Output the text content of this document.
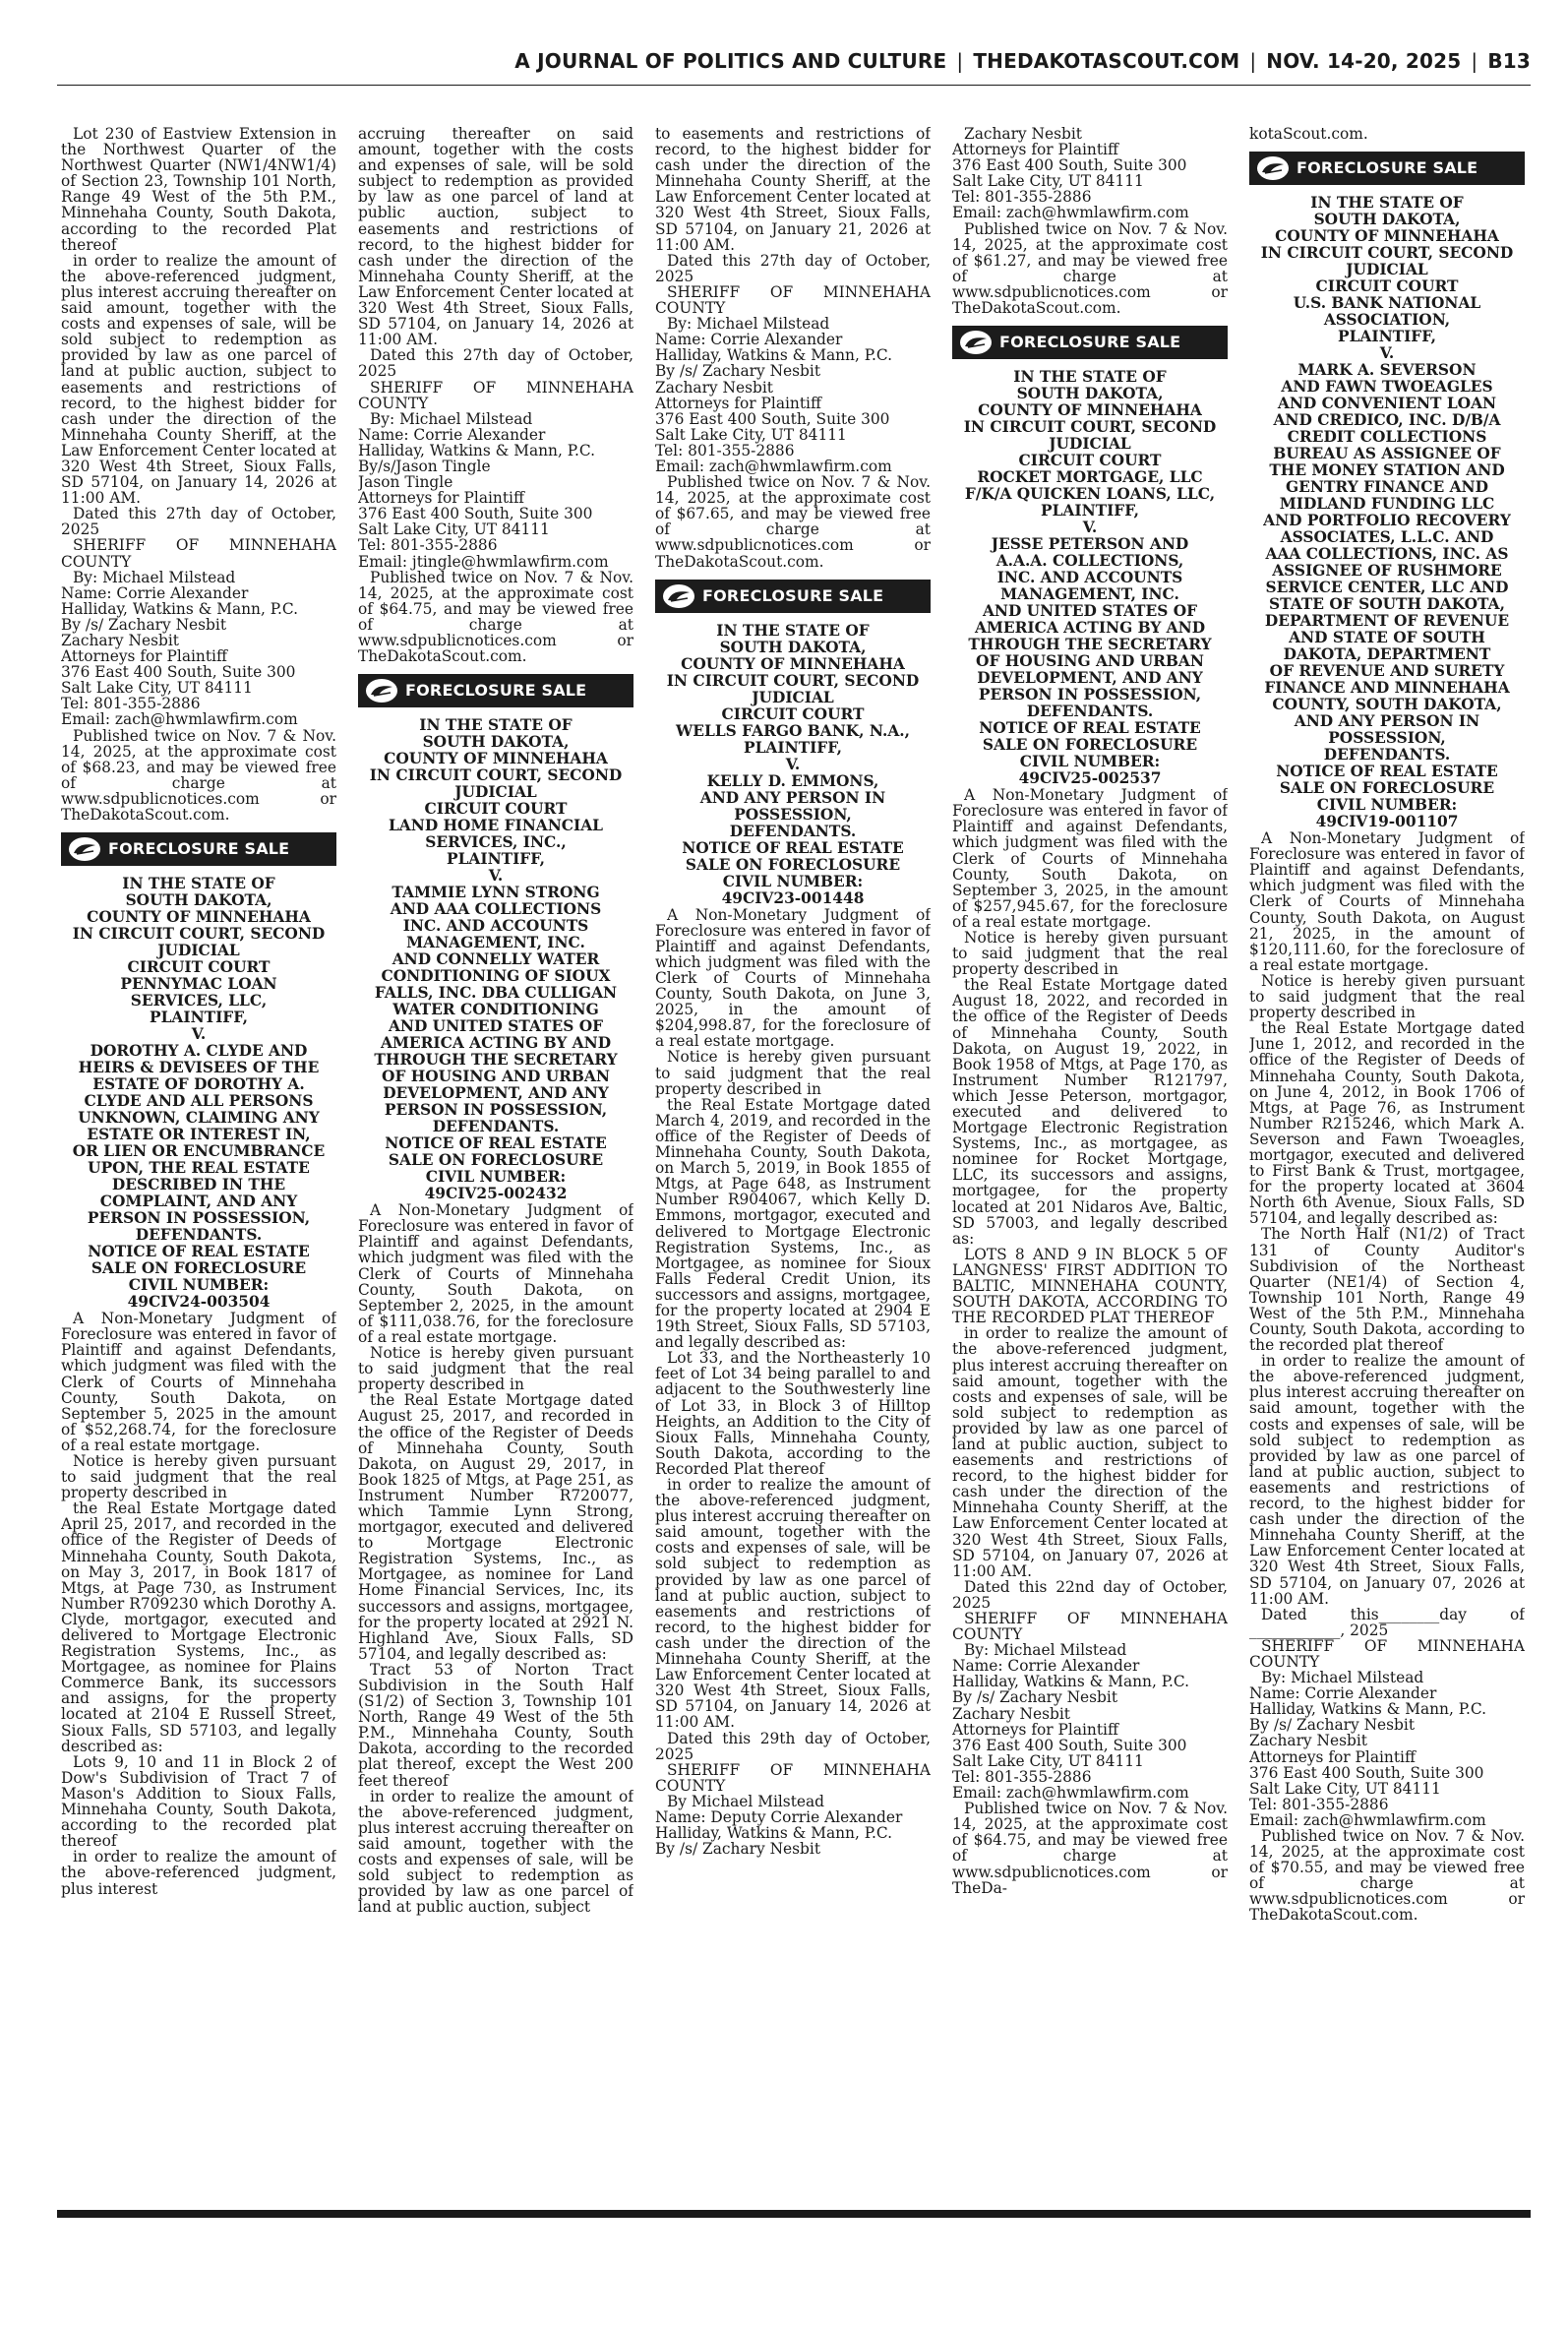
A JOURNAL OF POLITICS AND CULTURE | THEDAKOTASCOUT.COM | NOV. 14-20, 2025 | B13

Lot 230 of Eastview Extension in the Northwest Quarter of the Northwest Quarter (NW1/4NW1/4) of Section 23, Township 101 North, Range 49 West of the 5th P.M., Minnehaha County, South Dakota, according to the recorded Plat thereof

in order to realize the amount of the above-referenced judgment, plus interest accruing thereafter on said amount, together with the costs and expenses of sale, will be sold subject to redemption as provided by law as one parcel of land at public auction, subject to easements and restrictions of record, to the highest bidder for cash under the direction of the Minnehaha County Sheriff, at the Law Enforcement Center located at 320 West 4th Street, Sioux Falls, SD 57104, on January 14, 2026 at 11:00 AM.

Dated this 27th day of October, 2025

SHERIFF OF MINNEHAHA COUNTY

By: Michael Milstead
Name: Corrie Alexander
Halliday, Watkins & Mann, P.C.
By /s/ Zachary Nesbit
Zachary Nesbit
Attorneys for Plaintiff
376 East 400 South, Suite 300
Salt Lake City, UT 84111
Tel: 801-355-2886
Email: zach@hwmlawfirm.com

Published twice on Nov. 7 & Nov. 14, 2025, at the approximate cost of $68.23, and may be viewed free of charge at www.sdpublicnotices.com or TheDakotaScout.com.

FORECLOSURE SALE
IN THE STATE OF
SOUTH DAKOTA,
COUNTY OF MINNEHAHA
IN CIRCUIT COURT, SECOND
JUDICIAL
CIRCUIT COURT
PENNYMAC LOAN
SERVICES, LLC,
PLAINTIFF,
V.
DOROTHY A. CLYDE AND
HEIRS & DEVISEES OF THE
ESTATE OF DOROTHY A.
CLYDE AND ALL PERSONS
UNKNOWN, CLAIMING ANY
ESTATE OR INTEREST IN,
OR LIEN OR ENCUMBRANCE
UPON, THE REAL ESTATE
DESCRIBED IN THE
COMPLAINT, AND ANY
PERSON IN POSSESSION,
DEFENDANTS.
NOTICE OF REAL ESTATE
SALE ON FORECLOSURE
CIVIL NUMBER:
49CIV24-003504

A Non-Monetary Judgment of Foreclosure was entered in favor of Plaintiff and against Defendants, which judgment was filed with the Clerk of Courts of Minnehaha County, South Dakota, on September 5, 2025 in the amount of $52,268.74, for the foreclosure of a real estate mortgage.

Notice is hereby given pursuant to said judgment that the real property described in

the Real Estate Mortgage dated April 25, 2017, and recorded in the office of the Register of Deeds of Minnehaha County, South Dakota, on May 3, 2017, in Book 1817 of Mtgs, at Page 730, as Instrument Number R709230 which Dorothy A. Clyde, mortgagor, executed and delivered to Mortgage Electronic Registration Systems, Inc., as Mortgagee, as nominee for Plains Commerce Bank, its successors and assigns, for the property located at 2104 E Russell Street, Sioux Falls, SD 57103, and legally described as:

Lots 9, 10 and 11 in Block 2 of Dow's Subdivision of Tract 7 of Mason's Addition to Sioux Falls, Minnehaha County, South Dakota, according to the recorded plat thereof

in order to realize the amount of the above-referenced judgment, plus interest

accruing thereafter on said amount, together with the costs and expenses of sale, will be sold subject to redemption as provided by law as one parcel of land at public auction, subject to easements and restrictions of record, to the highest bidder for cash under the direction of the Minnehaha County Sheriff, at the Law Enforcement Center located at 320 West 4th Street, Sioux Falls, SD 57104, on January 14, 2026 at 11:00 AM.

Dated this 27th day of October, 2025

SHERIFF OF MINNEHAHA COUNTY

By: Michael Milstead
Name: Corrie Alexander
Halliday, Watkins & Mann, P.C.
By/s/Jason Tingle
Jason Tingle
Attorneys for Plaintiff
376 East 400 South, Suite 300
Salt Lake City, UT 84111
Tel: 801-355-2886
Email: jtingle@hwmlawfirm.com

Published twice on Nov. 7 & Nov. 14, 2025, at the approximate cost of $64.75, and may be viewed free of charge at www.sdpublicnotices.com or TheDakotaScout.com.

FORECLOSURE SALE
IN THE STATE OF
SOUTH DAKOTA,
COUNTY OF MINNEHAHA
IN CIRCUIT COURT, SECOND
JUDICIAL
CIRCUIT COURT
LAND HOME FINANCIAL
SERVICES, INC.,
PLAINTIFF,
V.
TAMMIE LYNN STRONG
AND AAA COLLECTIONS
INC. AND ACCOUNTS
MANAGEMENT, INC.
AND CONNELLY WATER
CONDITIONING OF SIOUX
FALLS, INC. DBA CULLIGAN
WATER CONDITIONING
AND UNITED STATES OF
AMERICA ACTING BY AND
THROUGH THE SECRETARY
OF HOUSING AND URBAN
DEVELOPMENT, AND ANY
PERSON IN POSSESSION,
DEFENDANTS.
NOTICE OF REAL ESTATE
SALE ON FORECLOSURE
CIVIL NUMBER:
49CIV25-002432

A Non-Monetary Judgment of Foreclosure was entered in favor of Plaintiff and against Defendants, which judgment was filed with the Clerk of Courts of Minnehaha County, South Dakota, on September 2, 2025, in the amount of $111,038.76, for the foreclosure of a real estate mortgage.

Notice is hereby given pursuant to said judgment that the real property described in

the Real Estate Mortgage dated August 25, 2017, and recorded in the office of the Register of Deeds of Minnehaha County, South Dakota, on August 29, 2017, in Book 1825 of Mtgs, at Page 251, as Instrument Number R720077, which Tammie Lynn Strong, mortgagor, executed and delivered to Mortgage Electronic Registration Systems, Inc., as Mortgagee, as nominee for Land Home Financial Services, Inc, its successors and assigns, mortgagee, for the property located at 2921 N. Highland Ave, Sioux Falls, SD 57104, and legally described as:

Tract 53 of Norton Tract Subdivision in the South Half (S1/2) of Section 3, Township 101 North, Range 49 West of the 5th P.M., Minnehaha County, South Dakota, according to the recorded plat thereof, except the West 200 feet thereof

in order to realize the amount of the above-referenced judgment, plus interest accruing thereafter on said amount, together with the costs and expenses of sale, will be sold subject to redemption as provided by law as one parcel of land at public auction, subject

to easements and restrictions of record, to the highest bidder for cash under the direction of the Minnehaha County Sheriff, at the Law Enforcement Center located at 320 West 4th Street, Sioux Falls, SD 57104, on January 21, 2026 at 11:00 AM.

Dated this 27th day of October, 2025

SHERIFF OF MINNEHAHA COUNTY

By: Michael Milstead
Name: Corrie Alexander
Halliday, Watkins & Mann, P.C.
By /s/ Zachary Nesbit
Zachary Nesbit
Attorneys for Plaintiff
376 East 400 South, Suite 300
Salt Lake City, UT 84111
Tel: 801-355-2886
Email: zach@hwmlawfirm.com

Published twice on Nov. 7 & Nov. 14, 2025, at the approximate cost of $67.65, and may be viewed free of charge at www.sdpublicnotices.com or TheDakotaScout.com.

FORECLOSURE SALE
IN THE STATE OF
SOUTH DAKOTA,
COUNTY OF MINNEHAHA
IN CIRCUIT COURT, SECOND
JUDICIAL
CIRCUIT COURT
WELLS FARGO BANK, N.A.,
PLAINTIFF,
V.
KELLY D. EMMONS,
AND ANY PERSON IN
POSSESSION,
DEFENDANTS.
NOTICE OF REAL ESTATE
SALE ON FORECLOSURE
CIVIL NUMBER:
49CIV23-001448

A Non-Monetary Judgment of Foreclosure was entered in favor of Plaintiff and against Defendants, which judgment was filed with the Clerk of Courts of Minnehaha County, South Dakota, on June 3, 2025, in the amount of $204,998.87, for the foreclosure of a real estate mortgage.

Notice is hereby given pursuant to said judgment that the real property described in

the Real Estate Mortgage dated March 4, 2019, and recorded in the office of the Register of Deeds of Minnehaha County, South Dakota, on March 5, 2019, in Book 1855 of Mtgs, at Page 648, as Instrument Number R904067, which Kelly D. Emmons, mortgagor, executed and delivered to Mortgage Electronic Registration Systems, Inc., as Mortgagee, as nominee for Sioux Falls Federal Credit Union, its successors and assigns, mortgagee, for the property located at 2904 E 19th Street, Sioux Falls, SD 57103, and legally described as:

Lot 33, and the Northeasterly 10 feet of Lot 34 being parallel to and adjacent to the Southwesterly line of Lot 33, in Block 3 of Hilltop Heights, an Addition to the City of Sioux Falls, Minnehaha County, South Dakota, according to the Recorded Plat thereof

in order to realize the amount of the above-referenced judgment, plus interest accruing thereafter on said amount, together with the costs and expenses of sale, will be sold subject to redemption as provided by law as one parcel of land at public auction, subject to easements and restrictions of record, to the highest bidder for cash under the direction of the Minnehaha County Sheriff, at the Law Enforcement Center located at 320 West 4th Street, Sioux Falls, SD 57104, on January 14, 2026 at 11:00 AM.

Dated this 29th day of October, 2025

SHERIFF OF MINNEHAHA COUNTY

By Michael Milstead
Name: Deputy Corrie Alexander
Halliday, Watkins & Mann, P.C.
By /s/ Zachary Nesbit

Zachary Nesbit
Attorneys for Plaintiff
376 East 400 South, Suite 300
Salt Lake City, UT 84111
Tel: 801-355-2886
Email: zach@hwmlawfirm.com

Published twice on Nov. 7 & Nov. 14, 2025, at the approximate cost of $61.27, and may be viewed free of charge at www.sdpublicnotices.com or TheDakotaScout.com.

FORECLOSURE SALE
IN THE STATE OF
SOUTH DAKOTA,
COUNTY OF MINNEHAHA
IN CIRCUIT COURT, SECOND
JUDICIAL
CIRCUIT COURT
ROCKET MORTGAGE, LLC
F/K/A QUICKEN LOANS, LLC,
PLAINTIFF,
V.
JESSE PETERSON AND
A.A.A. COLLECTIONS,
INC. AND ACCOUNTS
MANAGEMENT, INC.
AND UNITED STATES OF
AMERICA ACTING BY AND
THROUGH THE SECRETARY
OF HOUSING AND URBAN
DEVELOPMENT, AND ANY
PERSON IN POSSESSION,
DEFENDANTS.
NOTICE OF REAL ESTATE
SALE ON FORECLOSURE
CIVIL NUMBER:
49CIV25-002537

A Non-Monetary Judgment of Foreclosure was entered in favor of Plaintiff and against Defendants, which judgment was filed with the Clerk of Courts of Minnehaha County, South Dakota, on September 3, 2025, in the amount of $257,945.67, for the foreclosure of a real estate mortgage.

Notice is hereby given pursuant to said judgment that the real property described in

the Real Estate Mortgage dated August 18, 2022, and recorded in the office of the Register of Deeds of Minnehaha County, South Dakota, on August 19, 2022, in Book 1958 of Mtgs, at Page 170, as Instrument Number R121797, which Jesse Peterson, mortgagor, executed and delivered to Mortgage Electronic Registration Systems, Inc., as mortgagee, as nominee for Rocket Mortgage, LLC, its successors and assigns, mortgagee, for the property located at 201 Nidaros Ave, Baltic, SD 57003, and legally described as:

LOTS 8 AND 9 IN BLOCK 5 OF LANGNESS' FIRST ADDITION TO BALTIC, MINNEHAHA COUNTY, SOUTH DAKOTA, ACCORDING TO THE RECORDED PLAT THEREOF

in order to realize the amount of the above-referenced judgment, plus interest accruing thereafter on said amount, together with the costs and expenses of sale, will be sold subject to redemption as provided by law as one parcel of land at public auction, subject to easements and restrictions of record, to the highest bidder for cash under the direction of the Minnehaha County Sheriff, at the Law Enforcement Center located at 320 West 4th Street, Sioux Falls, SD 57104, on January 07, 2026 at 11:00 AM.

Dated this 22nd day of October, 2025

SHERIFF OF MINNEHAHA COUNTY

By: Michael Milstead
Name: Corrie Alexander
Halliday, Watkins & Mann, P.C.
By /s/ Zachary Nesbit
Zachary Nesbit
Attorneys for Plaintiff
376 East 400 South, Suite 300
Salt Lake City, UT 84111
Tel: 801-355-2886
Email: zach@hwmlawfirm.com

Published twice on Nov. 7 & Nov. 14, 2025, at the approximate cost of $64.75, and may be viewed free of charge at www.sdpublicnotices.com or TheDa-

kotaScout.com.

FORECLOSURE SALE
IN THE STATE OF
SOUTH DAKOTA,
COUNTY OF MINNEHAHA
IN CIRCUIT COURT, SECOND
JUDICIAL
CIRCUIT COURT
U.S. BANK NATIONAL
ASSOCIATION,
PLAINTIFF,
V.
MARK A. SEVERSON
AND FAWN TWOEAGLES
AND CONVENIENT LOAN
AND CREDICO, INC. D/B/A
CREDIT COLLECTIONS
BUREAU AS ASSIGNEE OF
THE MONEY STATION AND
GENTRY FINANCE AND
MIDLAND FUNDING LLC
AND PORTFOLIO RECOVERY
ASSOCIATES, L.L.C. AND
AAA COLLECTIONS, INC. AS
ASSIGNEE OF RUSHMORE
SERVICE CENTER, LLC AND
STATE OF SOUTH DAKOTA,
DEPARTMENT OF REVENUE
AND STATE OF SOUTH
DAKOTA, DEPARTMENT
OF REVENUE AND SURETY
FINANCE AND MINNEHAHA
COUNTY, SOUTH DAKOTA,
AND ANY PERSON IN
POSSESSION,
DEFENDANTS.
NOTICE OF REAL ESTATE
SALE ON FORECLOSURE
CIVIL NUMBER:
49CIV19-001107

A Non-Monetary Judgment of Foreclosure was entered in favor of Plaintiff and against Defendants, which judgment was filed with the Clerk of Courts of Minnehaha County, South Dakota, on August 21, 2025, in the amount of $120,111.60, for the foreclosure of a real estate mortgage.

Notice is hereby given pursuant to said judgment that the real property described in

the Real Estate Mortgage dated June 1, 2012, and recorded in the office of the Register of Deeds of Minnehaha County, South Dakota, on June 4, 2012, in Book 1706 of Mtgs, at Page 76, as Instrument Number R215246, which Mark A. Severson and Fawn Twoeagles, mortgagor, executed and delivered to First Bank & Trust, mortgagee, for the property located at 3604 North 6th Avenue, Sioux Falls, SD 57104, and legally described as:

The North Half (N1/2) of Tract 131 of County Auditor's Subdivision of the Northeast Quarter (NE1/4) of Section 4, Township 101 North, Range 49 West of the 5th P.M., Minnehaha County, South Dakota, according to the recorded plat thereof

in order to realize the amount of the above-referenced judgment, plus interest accruing thereafter on said amount, together with the costs and expenses of sale, will be sold subject to redemption as provided by law as one parcel of land at public auction, subject to easements and restrictions of record, to the highest bidder for cash under the direction of the Minnehaha County Sheriff, at the Law Enforcement Center located at 320 West 4th Street, Sioux Falls, SD 57104, on January 07, 2026 at 11:00 AM.

Dated this________day of ____________, 2025

SHERIFF OF MINNEHAHA COUNTY

By: Michael Milstead
Name: Corrie Alexander
Halliday, Watkins & Mann, P.C.
By /s/ Zachary Nesbit
Zachary Nesbit
Attorneys for Plaintiff
376 East 400 South, Suite 300
Salt Lake City, UT 84111
Tel: 801-355-2886
Email: zach@hwmlawfirm.com

Published twice on Nov. 7 & Nov. 14, 2025, at the approximate cost of $70.55, and may be viewed free of charge at www.sdpublicnotices.com or TheDakotaScout.com.
